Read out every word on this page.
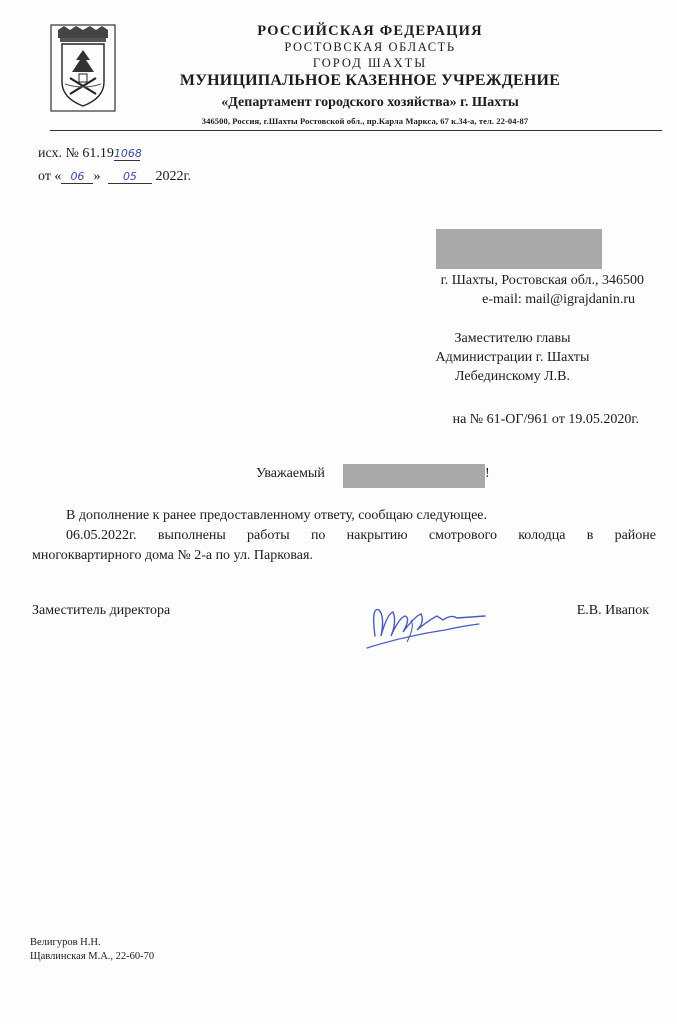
РОССИЙСКАЯ ФЕДЕРАЦИЯ
РОСТОВСКАЯ ОБЛАСТЬ
ГОРОД ШАХТЫ
МУНИЦИПАЛЬНОЕ КАЗЕННОЕ УЧРЕЖДЕНИЕ
«Департамент городского хозяйства» г. Шахты
346500, Россия, г.Шахты Ростовской обл., пр.Карла Маркса, 67 к.34-а, тел. 22-04-87
исх. № 61.191068
от « 06 » 05 2022г.
г. Шахты, Ростовская обл., 346500
e-mail: mail@igrajdanin.ru
Заместителю главы
Администрации г. Шахты
Лебединскому Л.В.
на № 61-ОГ/961 от 19.05.2020г.
Уважаемый	!
В дополнение к ранее предоставленному ответу, сообщаю следующее.
06.05.2022г. выполнены работы по накрытию смотрового колодца в районе
многоквартирного дома № 2-а по ул. Парковая.
Заместитель директора	Е.В. Ивапок
Велигуров Н.Н.
Щавлинская М.А., 22-60-70
